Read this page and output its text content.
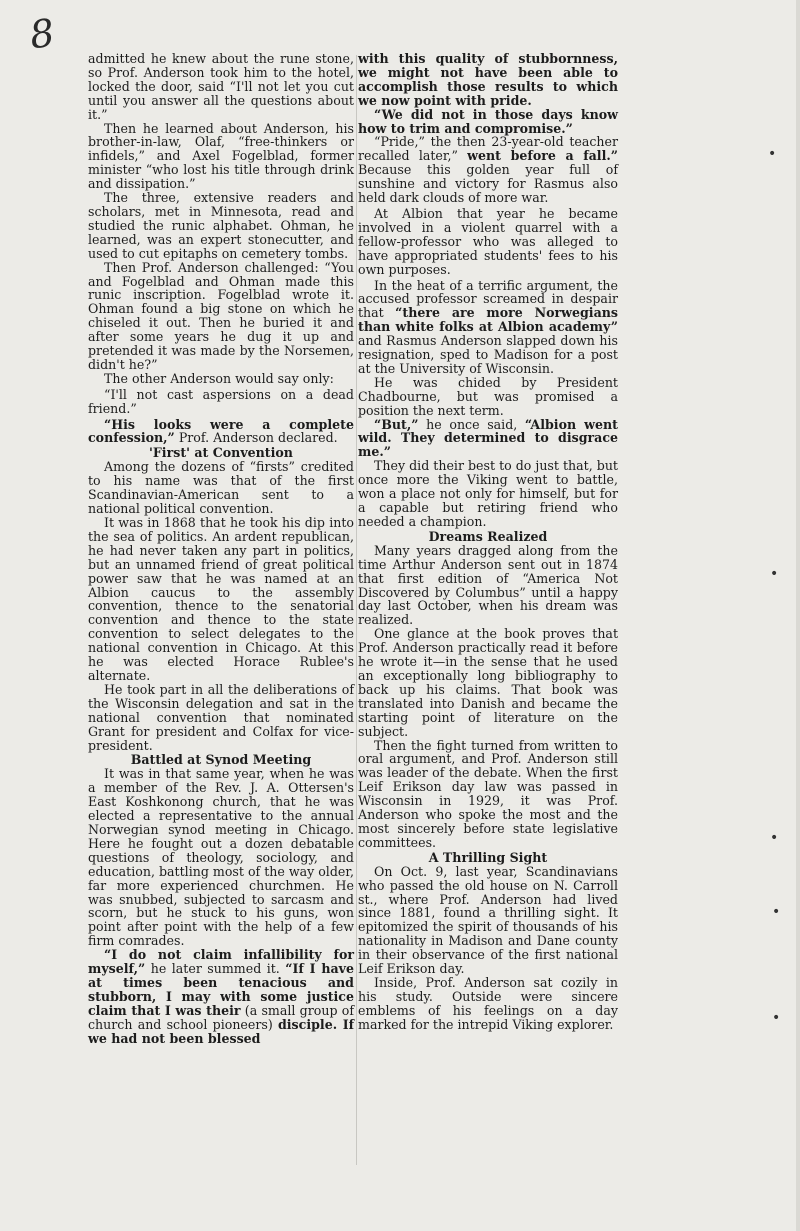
8
•
•
•
•
•

admitted he knew about the rune stone, so Prof. Anderson took him to the hotel, locked the door, said “I'll not let you cut until you answer all the questions about it.”

Then he learned about Anderson, his brother-in-law, Olaf, “free-thinkers or infidels,” and Axel Fogelblad, former minister “who lost his title through drink and dissipation.”

The three, extensive readers and scholars, met in Minnesota, read and studied the runic alphabet. Ohman, he learned, was an expert stonecutter, and used to cut epitaphs on cemetery tombs.

Then Prof. Anderson challenged: “You and Fogelblad and Ohman made this runic inscription. Fogelblad wrote it. Ohman found a big stone on which he chiseled it out. Then he buried it and after some years he dug it up and pretended it was made by the Norsemen, didn't he?”

The other Anderson would say only:

“I'll not cast aspersions on a dead friend.”

“His looks were a complete confession,” Prof. Anderson declared.

'First' at Convention

Among the dozens of “firsts” credited to his name was that of the first Scandinavian-American sent to a national political convention.

It was in 1868 that he took his dip into the sea of politics. An ardent republican, he had never taken any part in politics, but an unnamed friend of great political power saw that he was named at an Albion caucus to the assembly convention, thence to the senatorial convention and thence to the state convention to select delegates to the national convention in Chicago. At this he was elected Horace Rublee's alternate.

He took part in all the deliberations of the Wisconsin delegation and sat in the national convention that nominated Grant for president and Colfax for vice-president.

Battled at Synod Meeting

It was in that same year, when he was a member of the Rev. J. A. Ottersen's East Koshkonong church, that he was elected a representative to the annual Norwegian synod meeting in Chicago. Here he fought out a dozen debatable questions of theology, sociology, and education, battling most of the way older, far more experienced churchmen. He was snubbed, subjected to sarcasm and scorn, but he stuck to his guns, won point after point with the help of a few firm comrades.

“I do not claim infallibility for myself,” he later summed it. “If I have at times been tenacious and stubborn, I may with some justice claim that I was their (a small group of church and school pioneers) disciple. If we had not been blessed

with this quality of stubbornness, we might not have been able to accomplish those results to which we now point with pride.

“We did not in those days know how to trim and compromise.”

“Pride,” the then 23-year-old teacher recalled later,” went before a fall.” Because this golden year full of sunshine and victory for Rasmus also held dark clouds of more war.

At Albion that year he became involved in a violent quarrel with a fellow-professor who was alleged to have appropriated students' fees to his own purposes.

In the heat of a terrific argument, the accused professor screamed in despair that “there are more Norwegians than white folks at Albion academy” and Rasmus Anderson slapped down his resignation, sped to Madison for a post at the University of Wisconsin.

He was chided by President Chadbourne, but was promised a position the next term.

“But,” he once said, “Albion went wild. They determined to disgrace me.”

They did their best to do just that, but once more the Viking went to battle, won a place not only for himself, but for a capable but retiring friend who needed a champion.

Dreams Realized

Many years dragged along from the time Arthur Anderson sent out in 1874 that first edition of “America Not Discovered by Columbus” until a happy day last October, when his dream was realized.

One glance at the book proves that Prof. Anderson practically read it before he wrote it—in the sense that he used an exceptionally long bibliography to back up his claims. That book was translated into Danish and became the starting point of literature on the subject.

Then the fight turned from written to oral argument, and Prof. Anderson still was leader of the debate. When the first Leif Erikson day law was passed in Wisconsin in 1929, it was Prof. Anderson who spoke the most and the most sincerely before state legislative committees.

A Thrilling Sight

On Oct. 9, last year, Scandinavians who passed the old house on N. Carroll st., where Prof. Anderson had lived since 1881, found a thrilling sight. It epitomized the spirit of thousands of his nationality in Madison and Dane county in their observance of the first national Leif Erikson day.

Inside, Prof. Anderson sat cozily in his study. Outside were sincere emblems of his feelings on a day marked for the intrepid Viking explorer.
